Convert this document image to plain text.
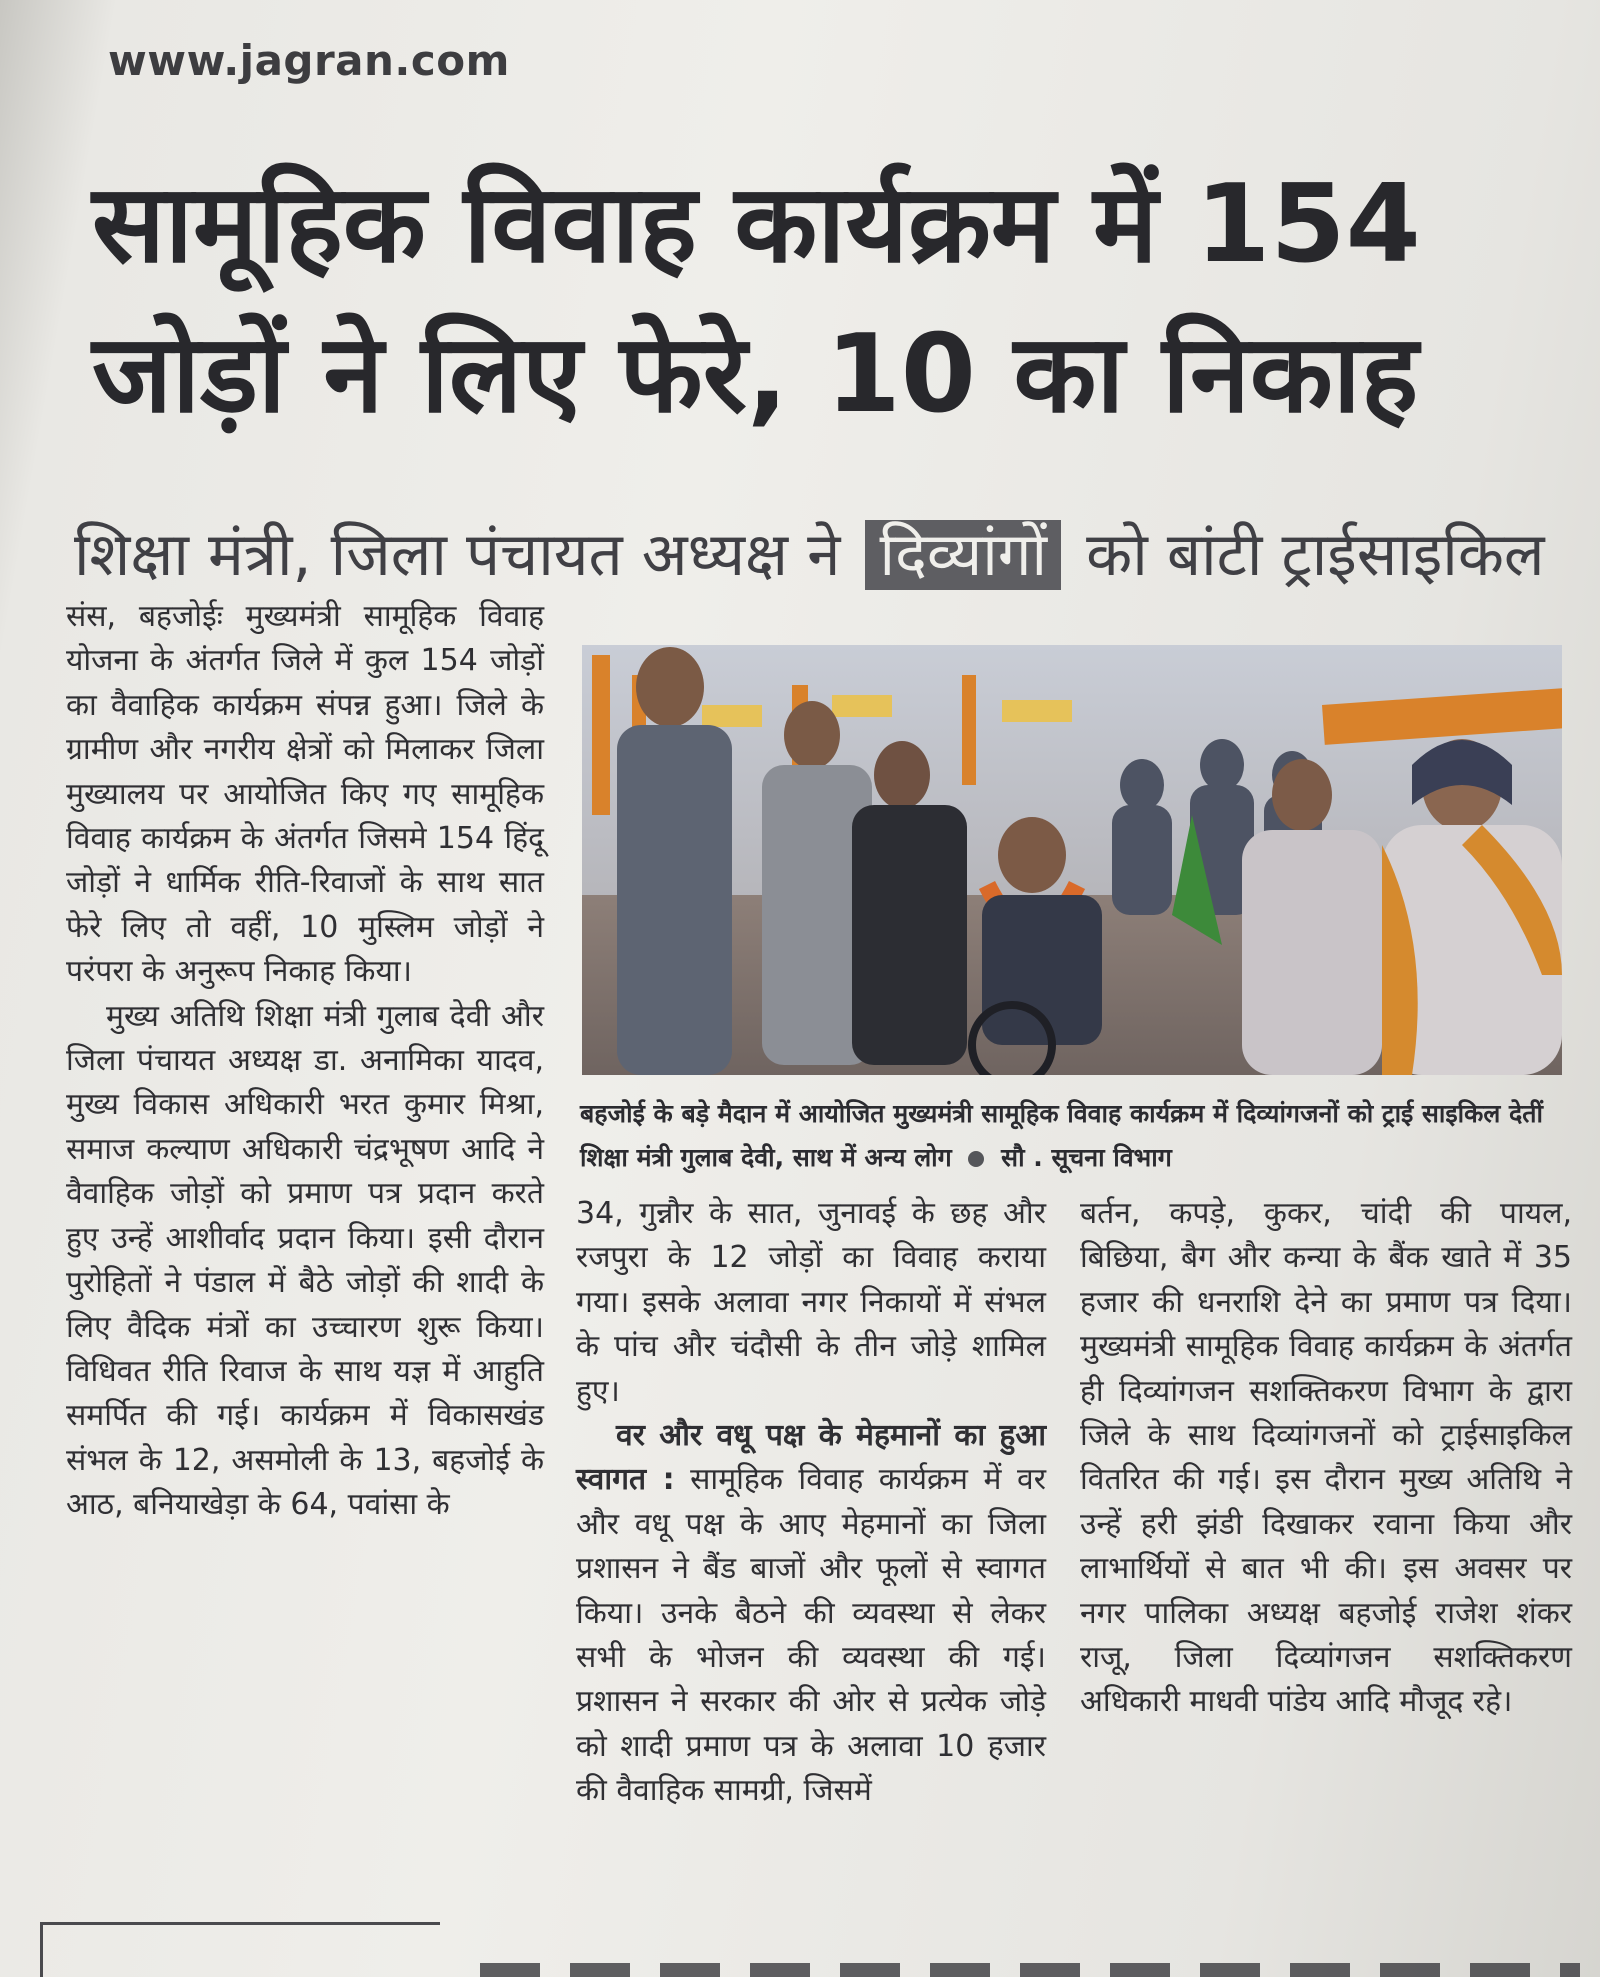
www.jagran.com
सामूहिक विवाह कार्यक्रम में 154
जोड़ों ने लिए फेरे, 10 का निकाह
शिक्षा मंत्री, जिला पंचायत अध्यक्ष ने दिव्यांगों को बांटी ट्राईसाइकिल

संस, बहजोईः मुख्यमंत्री सामूहिक विवाह योजना के अंतर्गत जिले में कुल 154 जोड़ों का वैवाहिक कार्यक्रम संपन्न हुआ। जिले के ग्रामीण और नगरीय क्षेत्रों को मिलाकर जिला मुख्यालय पर आयोजित किए गए सामूहिक विवाह कार्यक्रम के अंतर्गत जिसमे 154 हिंदू जोड़ों ने धार्मिक रीति-रिवाजों के साथ सात फेरे लिए तो वहीं, 10 मुस्लिम जोड़ों ने परंपरा के अनुरूप निकाह किया।

मुख्य अतिथि शिक्षा मंत्री गुलाब देवी और जिला पंचायत अध्यक्ष डा. अनामिका यादव, मुख्य विकास अधिकारी भरत कुमार मिश्रा, समाज कल्याण अधिकारी चंद्रभूषण आदि ने वैवाहिक जोड़ों को प्रमाण पत्र प्रदान करते हुए उन्हें आशीर्वाद प्रदान किया। इसी दौरान पुरोहितों ने पंडाल में बैठे जोड़ों की शादी के लिए वैदिक मंत्रों का उच्चारण शुरू किया। विधिवत रीति रिवाज के साथ यज्ञ में आहुति समर्पित की गई। कार्यक्रम में विकासखंड संभल के 12, असमोली के 13, बहजोई के आठ, बनियाखेड़ा के 64, पवांसा के

बहजोई के बड़े मैदान में आयोजित मुख्यमंत्री सामूहिक विवाह कार्यक्रम में दिव्यांगजनों को ट्राई साइकिल देतीं शिक्षा मंत्री गुलाब देवी, साथ में अन्य लोग सौ . सूचना विभाग

34, गुन्नौर के सात, जुनावई के छह और रजपुरा के 12 जोड़ों का विवाह कराया गया। इसके अलावा नगर निकायों में संभल के पांच और चंदौसी के तीन जोड़े शामिल हुए।

वर और वधू पक्ष के मेहमानों का हुआ स्वागत : सामूहिक विवाह कार्यक्रम में वर और वधू पक्ष के आए मेहमानों का जिला प्रशासन ने बैंड बाजों और फूलों से स्वागत किया। उनके बैठने की व्यवस्था से लेकर सभी के भोजन की व्यवस्था की गई। प्रशासन ने सरकार की ओर से प्रत्येक जोड़े को शादी प्रमाण पत्र के अलावा 10 हजार की वैवाहिक सामग्री, जिसमें

बर्तन, कपड़े, कुकर, चांदी की पायल, बिछिया, बैग और कन्या के बैंक खाते में 35 हजार की धनराशि देने का प्रमाण पत्र दिया। मुख्यमंत्री सामूहिक विवाह कार्यक्रम के अंतर्गत ही दिव्यांगजन सशक्तिकरण विभाग के द्वारा जिले के साथ दिव्यांगजनों को ट्राईसाइकिल वितरित की गई। इस दौरान मुख्य अतिथि ने उन्हें हरी झंडी दिखाकर रवाना किया और लाभार्थियों से बात भी की। इस अवसर पर नगर पालिका अध्यक्ष बहजोई राजेश शंकर राजू, जिला दिव्यांगजन सशक्तिकरण अधिकारी माधवी पांडेय आदि मौजूद रहे।
